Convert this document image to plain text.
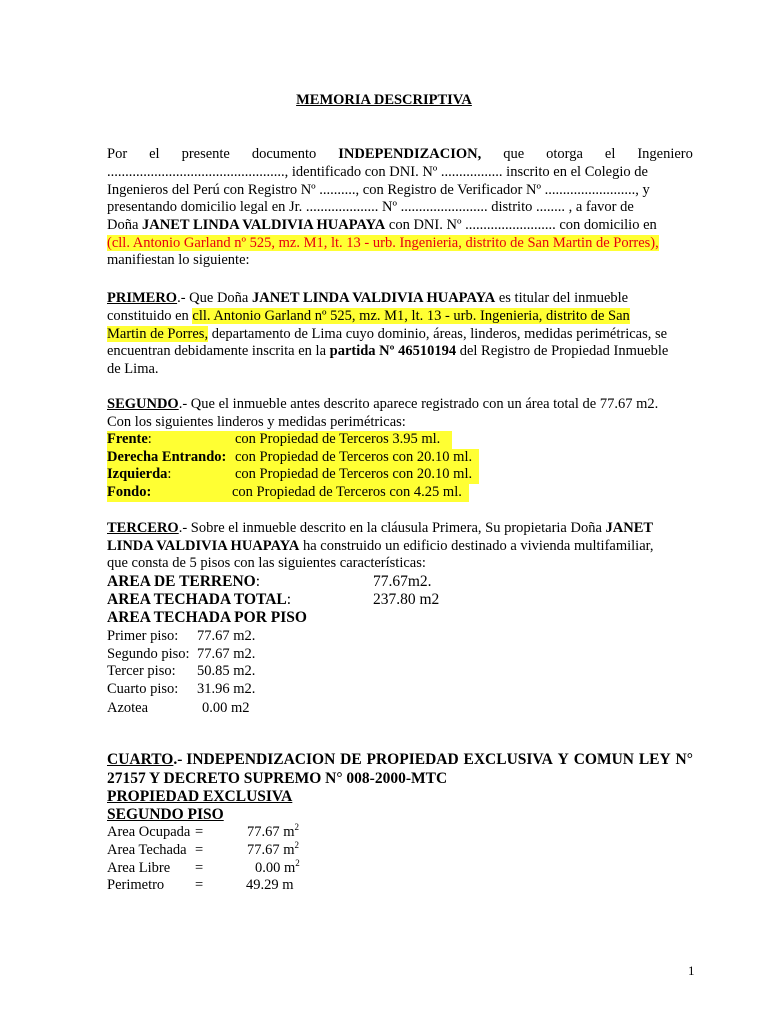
MEMORIA DESCRIPTIVA
Por el presente documento INDEPENDIZACION, que otorga el Ingeniero
................................................., identificado con DNI. Nº ................. inscrito en el Colegio de
Ingenieros del Perú con Registro Nº .........., con Registro de Verificador Nº ........................., y
presentando domicilio legal en Jr. .................... Nº ........................ distrito ........ , a favor de
Doña JANET LINDA VALDIVIA HUAPAYA con DNI. Nº ......................... con domicilio en
(cll. Antonio Garland nº 525, mz. M1, lt. 13 - urb. Ingenieria, distrito de San Martin de Porres),
manifiestan lo siguiente:
PRIMERO.- Que Doña JANET LINDA VALDIVIA HUAPAYA es titular del inmueble
constituido en cll. Antonio Garland nº 525, mz. M1, lt. 13 - urb. Ingenieria, distrito de San
Martin de Porres, departamento de Lima cuyo dominio, áreas, linderos, medidas perimétricas, se
encuentran debidamente inscrita en la partida Nº 46510194 del Registro de Propiedad Inmueble
de Lima.
SEGUNDO.- Que el inmueble antes descrito aparece registrado con un área total de 77.67 m2.
Con los siguientes linderos y medidas perimétricas:
Frente:	con Propiedad de Terceros 3.95 ml.
Derecha Entrando: con Propiedad de Terceros con 20.10 ml.
Izquierda:	con Propiedad de Terceros con 20.10 ml.
Fondo:	con Propiedad de Terceros con 4.25 ml.
TERCERO.- Sobre el inmueble descrito en la cláusula Primera, Su propietaria Doña JANET
LINDA VALDIVIA HUAPAYA ha construido un edificio destinado a vivienda multifamiliar,
que consta de 5 pisos con las siguientes características:
AREA DE TERRENO:	77.67m2.
AREA TECHADA TOTAL:	237.80 m2
AREA TECHADA POR PISO
Primer piso: 77.67 m2.
Segundo piso: 77.67 m2.
Tercer piso: 50.85 m2.
Cuarto piso: 31.96 m2.
Azotea	0.00 m2
CUARTO.- INDEPENDIZACION DE PROPIEDAD EXCLUSIVA Y COMUN LEY N°
27157 Y DECRETO SUPREMO N° 008-2000-MTC
PROPIEDAD EXCLUSIVA
SEGUNDO PISO
Area Ocupada =	77.67 $m^2$
Area Techada =	77.67 $m^2$
Area Libre =	0.00 $m^2$
Perimetro =	49.29 m
1
